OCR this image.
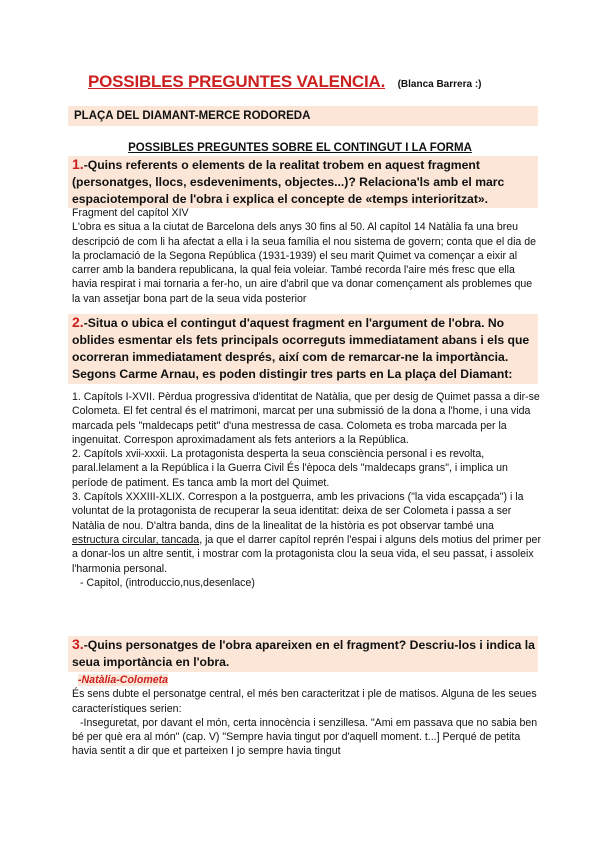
POSSIBLES PREGUNTES VALENCIA. (Blanca Barrera :)
PLAÇA DEL DIAMANT-MERCE RODOREDA
POSSIBLES PREGUNTES SOBRE EL CONTINGUT I LA FORMA
1.-Quins referents o elements de la realitat trobem en aquest fragment (personatges, llocs, esdeveniments, objectes...)? Relaciona'ls amb el marc espaciotemporal de l'obra i explica el concepte de «temps interioritzat».

Fragment del capítol XIV

L'obra es situa a la ciutat de Barcelona dels anys 30 fins al 50. Al capítol 14 Natàlia fa una breu descripció de com li ha afectat a ella i la seua família el nou sistema de govern; conta que el dia de la proclamació de la Segona República (1931-1939) el seu marit Quimet va començar a eixir al carrer amb la bandera republicana, la qual feia voleiar. També recorda l'aire més fresc que ella havia respirat i mai tornaria a fer-ho, un aire d'abril que va donar començament als problemes que la van assetjar bona part de la seua vida posterior

2.-Situa o ubica el contingut d'aquest fragment en l'argument de l'obra. No oblides esmentar els fets principals ocorreguts immediatament abans i els que ocorreran immediatament després, així com de remarcar-ne la importància. Segons Carme Arnau, es poden distingir tres parts en La plaça del Diamant:

1. Capítols I-XVII. Pèrdua progressiva d'identitat de Natàlia, que per desig de Quimet passa a dir-se Colometa. El fet central és el matrimoni, marcat per una submissió de la dona a l'home, i una vida marcada pels "maldecaps petit" d'una mestressa de casa. Colometa es troba marcada per la ingenuitat. Correspon aproximadament als fets anteriors a la República.

2. Capítols xvii-xxxii. La protagonista desperta la seua consciència personal i es revolta, paral.lelament a la República i la Guerra Civil És l'època dels "maldecaps grans", i implica un període de patiment. Es tanca amb la mort del Quimet.

3. Capítols XXXIII-XLIX. Correspon a la postguerra, amb les privacions ("la vida escapçada") i la voluntat de la protagonista de recuperar la seua identitat: deixa de ser Colometa i passa a ser Natàlia de nou. D'altra banda, dins de la linealitat de la història es pot observar també una estructura circular, tancada, ja que el darrer capítol reprén l'espai i alguns dels motius del primer per a donar-los un altre sentit, i mostrar com la protagonista clou la seua vida, el seu passat, i assoleix

l'harmonia personal.

- Capitol, (introduccio,nus,desenlace)

3.-Quins personatges de l'obra apareixen en el fragment? Descriu-los i indica la seua importància en l'obra.

-Natàlia-Colometa

És sens dubte el personatge central, el més ben caracteritzat i ple de matisos. Alguna de les seues característiques serien:

-Inseguretat, por davant el món, certa innocència i senzillesa. "Ami em passava que no sabia ben bé per què era al món" (cap. V) "Sempre havia tingut por d'aquell moment. t...] Perqué de petita havia sentit a dir que et parteixen I jo sempre havia tingut
